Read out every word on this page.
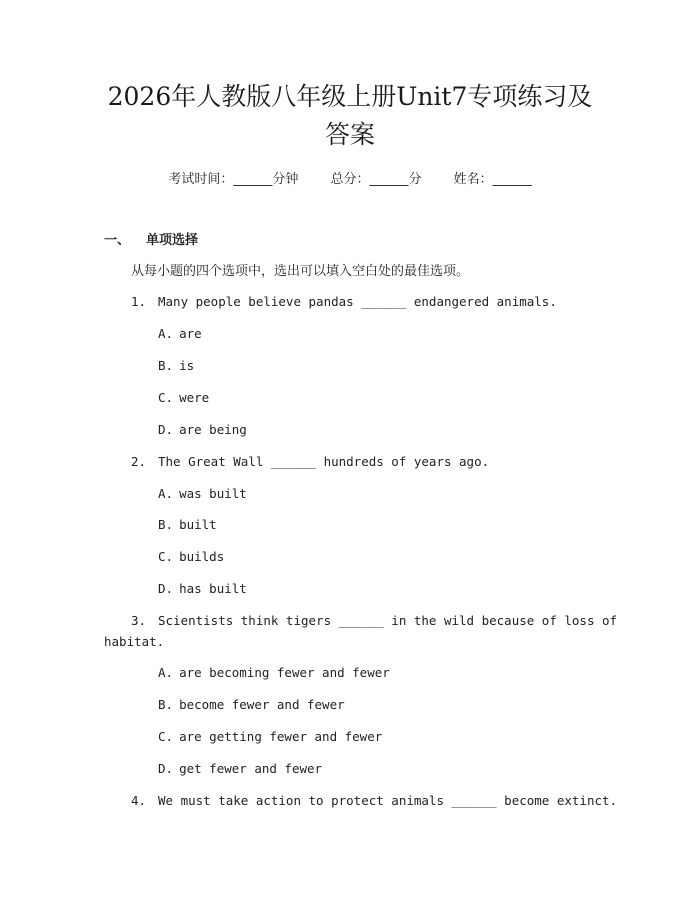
2026年人教版八年级上册Unit7专项练习及
答案
考试时间：______分钟 总分：______分 姓名：______
一、 单项选择
从每小题的四个选项中，选出可以填入空白处的最佳选项。
1. Many people believe pandas ______ endangered animals.
A. are
B. is
C. were
D. are being
2. The Great Wall ______ hundreds of years ago.
A. was built
B. built
C. builds
D. has built
3. Scientists think tigers ______ in the wild because of loss of
habitat.
A. are becoming fewer and fewer
B. become fewer and fewer
C. are getting fewer and fewer
D. get fewer and fewer
4. We must take action to protect animals ______ become extinct.
